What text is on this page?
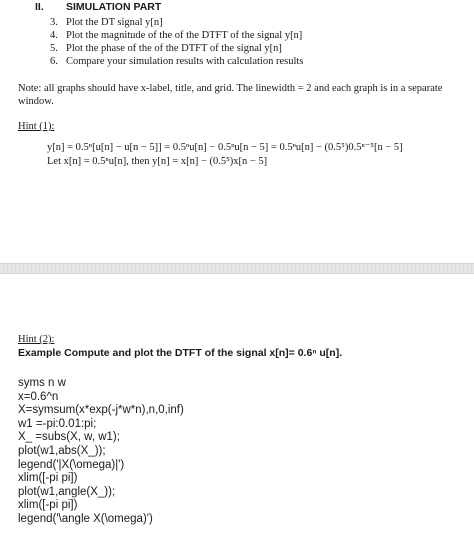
II. SIMULATION PART
3. Plot the DT signal y[n]
4. Plot the magnitude of the of the DTFT of the signal y[n]
5. Plot the phase of the of the DTFT of the signal y[n]
6. Compare your simulation results with calculation results
Note: all graphs should have x-label, title, and grid. The linewidth = 2 and each graph is in a separate window.
Hint (1):
y[n] = 0.5ⁿ[u[n] − u[n − 5]] = 0.5ⁿu[n] − 0.5ⁿu[n − 5] = 0.5ⁿu[n] − (0.5⁵)0.5ⁿ⁻⁵[n − 5]
Let x[n] = 0.5ⁿu[n], then y[n] = x[n] − (0.5⁵)x[n − 5]
Hint (2):
Example Compute and plot the DTFT of the signal x[n]= 0.6ⁿ u[n].
syms n w
x=0.6^n
X=symsum(x*exp(-j*w*n),n,0,inf)
w1 =-pi:0.01:pi;
X_ =subs(X, w, w1);
plot(w1,abs(X_));
legend('|X(\omega)|')
xlim([-pi pi])
plot(w1,angle(X_));
xlim([-pi pi])
legend('\angle X(\omega)')
